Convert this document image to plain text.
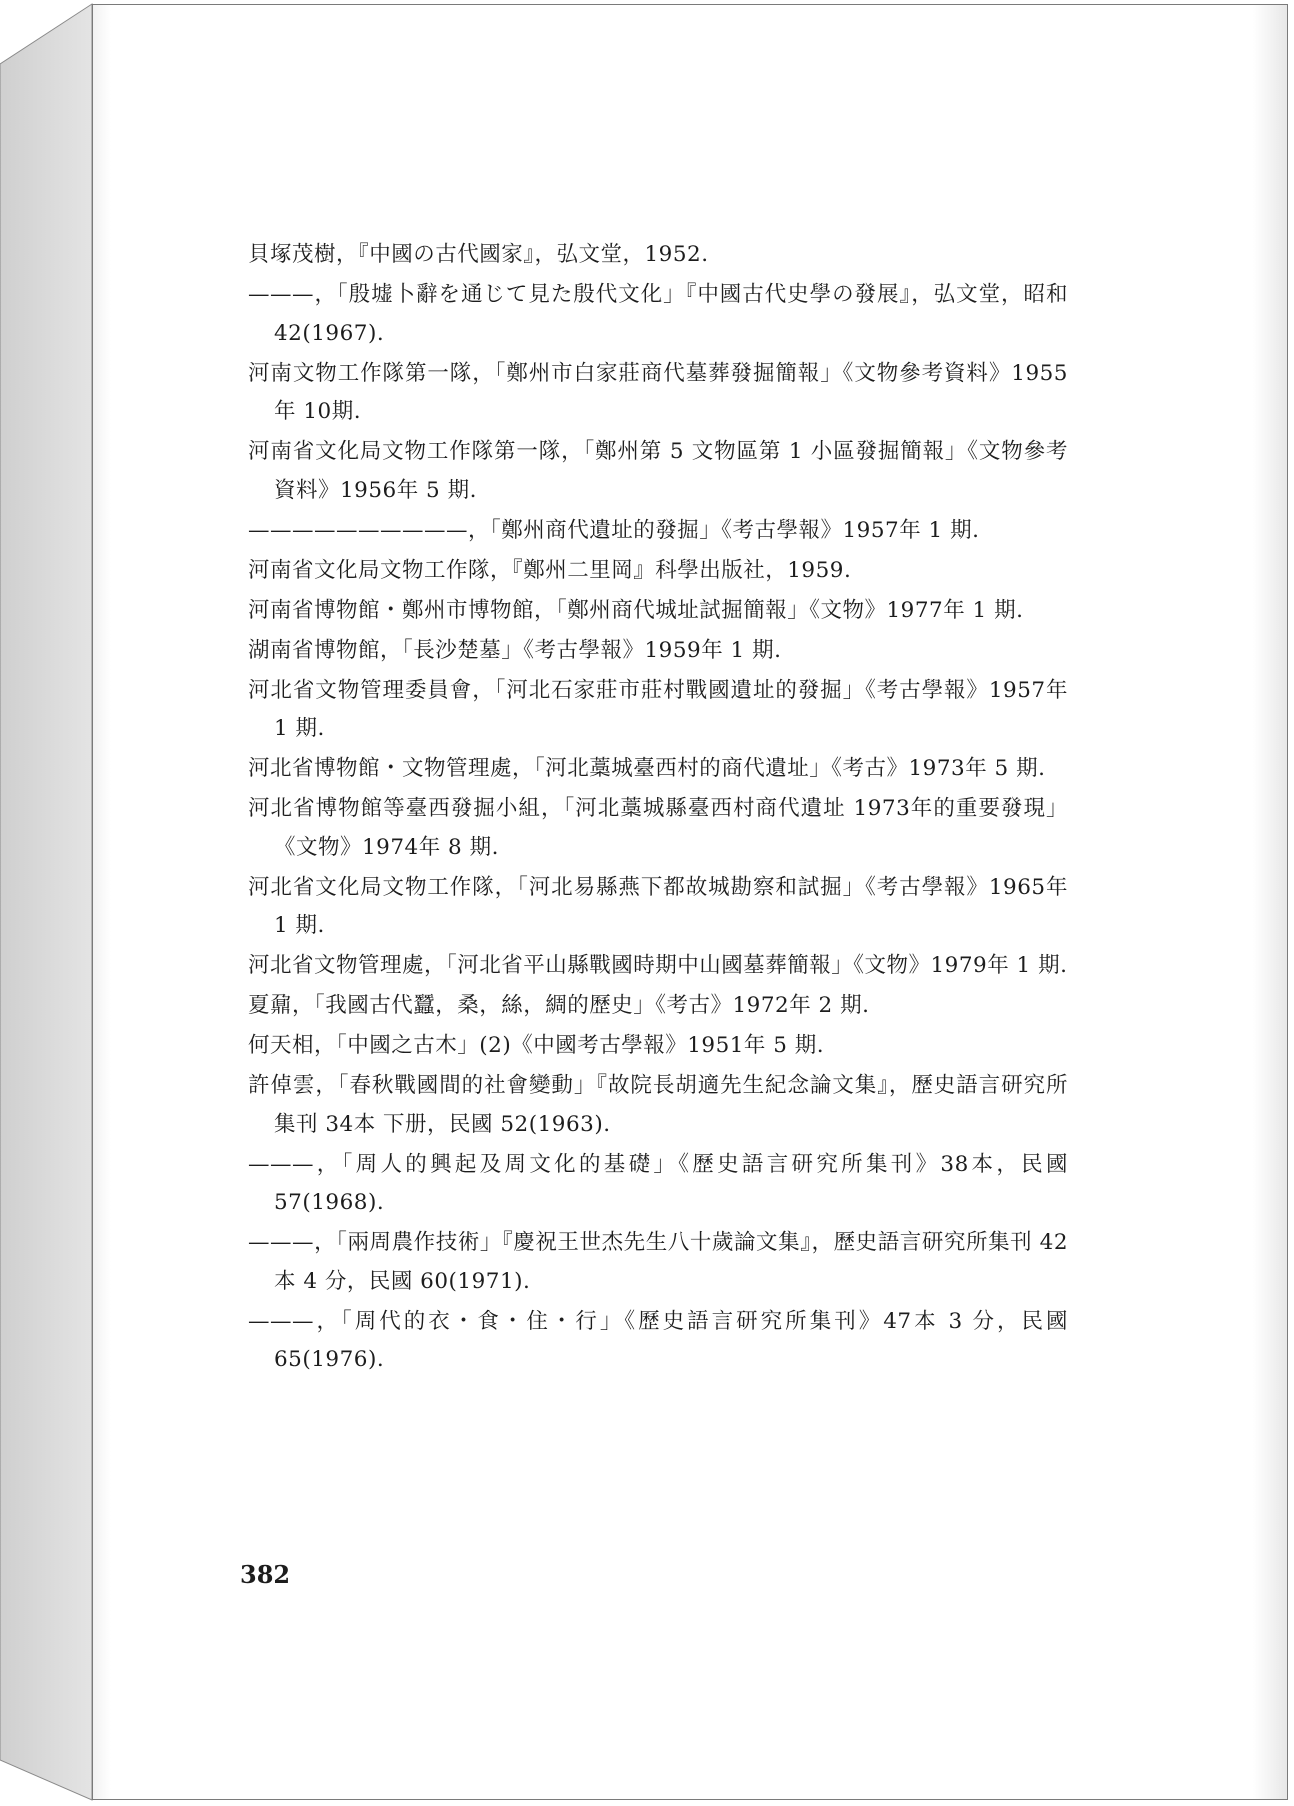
貝塚茂樹，『中國の古代國家』，弘文堂，1952.

———，「殷墟卜辭を通じて見た殷代文化」『中國古代史學の發展』，弘文堂，昭和 42(1967).

河南文物工作隊第一隊，「鄭州市白家莊商代墓葬發掘簡報」《文物參考資料》1955年 10期.

河南省文化局文物工作隊第一隊，「鄭州第 5 文物區第 1 小區發掘簡報」《文物參考資料》1956年 5 期.

——————————，「鄭州商代遺址的發掘」《考古學報》1957年 1 期.

河南省文化局文物工作隊，『鄭州二里岡』科學出版社，1959.

河南省博物館・鄭州市博物館，「鄭州商代城址試掘簡報」《文物》1977年 1 期.

湖南省博物館，「長沙楚墓」《考古學報》1959年 1 期.

河北省文物管理委員會，「河北石家莊市莊村戰國遺址的發掘」《考古學報》1957年 1 期.

河北省博物館・文物管理處，「河北藁城臺西村的商代遺址」《考古》1973年 5 期.

河北省博物館等臺西發掘小組，「河北藁城縣臺西村商代遺址 1973年的重要發現」《文物》1974年 8 期.

河北省文化局文物工作隊，「河北易縣燕下都故城勘察和試掘」《考古學報》1965年 1 期.

河北省文物管理處，「河北省平山縣戰國時期中山國墓葬簡報」《文物》1979年 1 期.

夏鼐，「我國古代蠶，桑，絲，綢的歷史」《考古》1972年 2 期.

何天相，「中國之古木」(2)《中國考古學報》1951年 5 期.

許倬雲，「春秋戰國間的社會變動」『故院長胡適先生紀念論文集』，歷史語言研究所集刊 34本 下册，民國 52(1963).

———，「周人的興起及周文化的基礎」《歷史語言研究所集刊》38本，民國 57(1968).

———，「兩周農作技術」『慶祝王世杰先生八十歲論文集』，歷史語言研究所集刊 42本 4 分，民國 60(1971).

———，「周代的衣・食・住・行」《歷史語言研究所集刊》47本 3 分，民國 65(1976).

382
